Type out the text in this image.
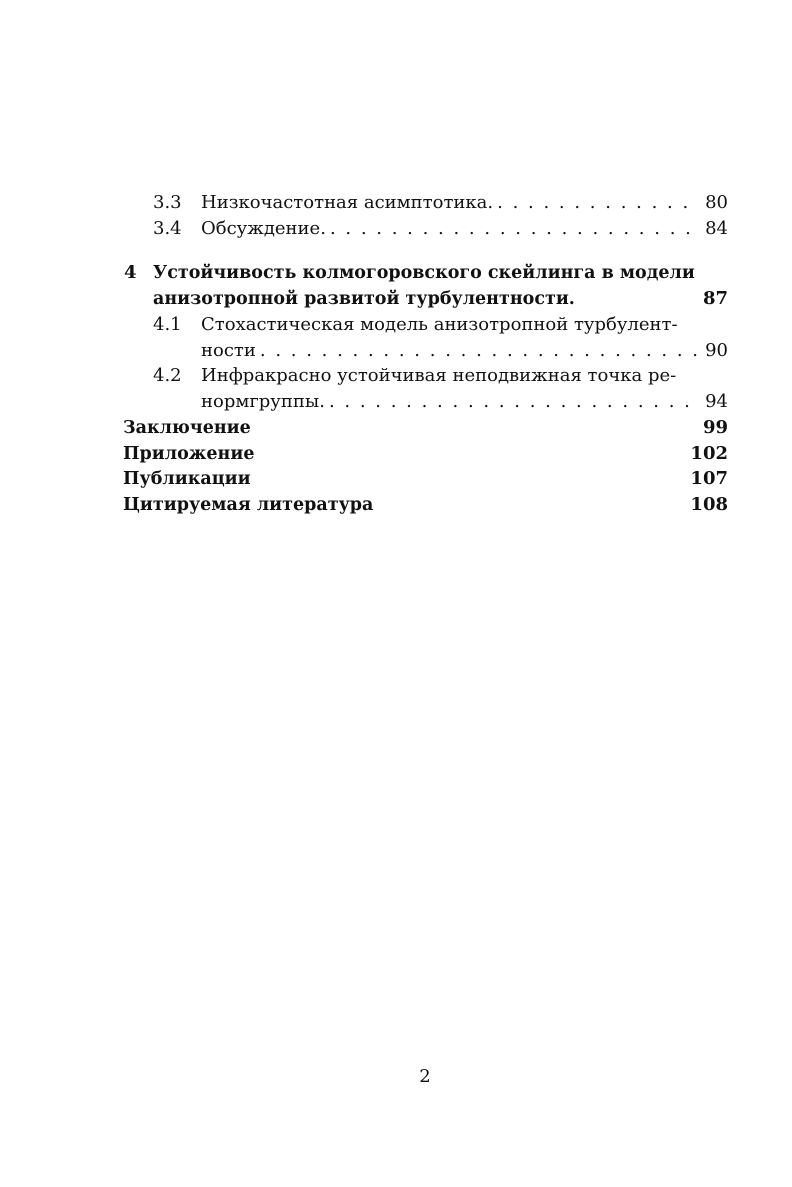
3.3 Низкочастотная асимптотика. . . .	80
3.4 Обсуждение. . . .	84
4 Устойчивость колмогоровского скейлинга в модели
анизотропной развитой турбулентности.	87
4.1 Стохастическая модель анизотропной турбулент-
ности . . .	90
4.2 Инфракрасно устойчивая неподвижная точка ре-
нормгруппы. . . .	94
Заключение	99
Приложение	102
Публикации	107
Цитируемая литература	108
2
